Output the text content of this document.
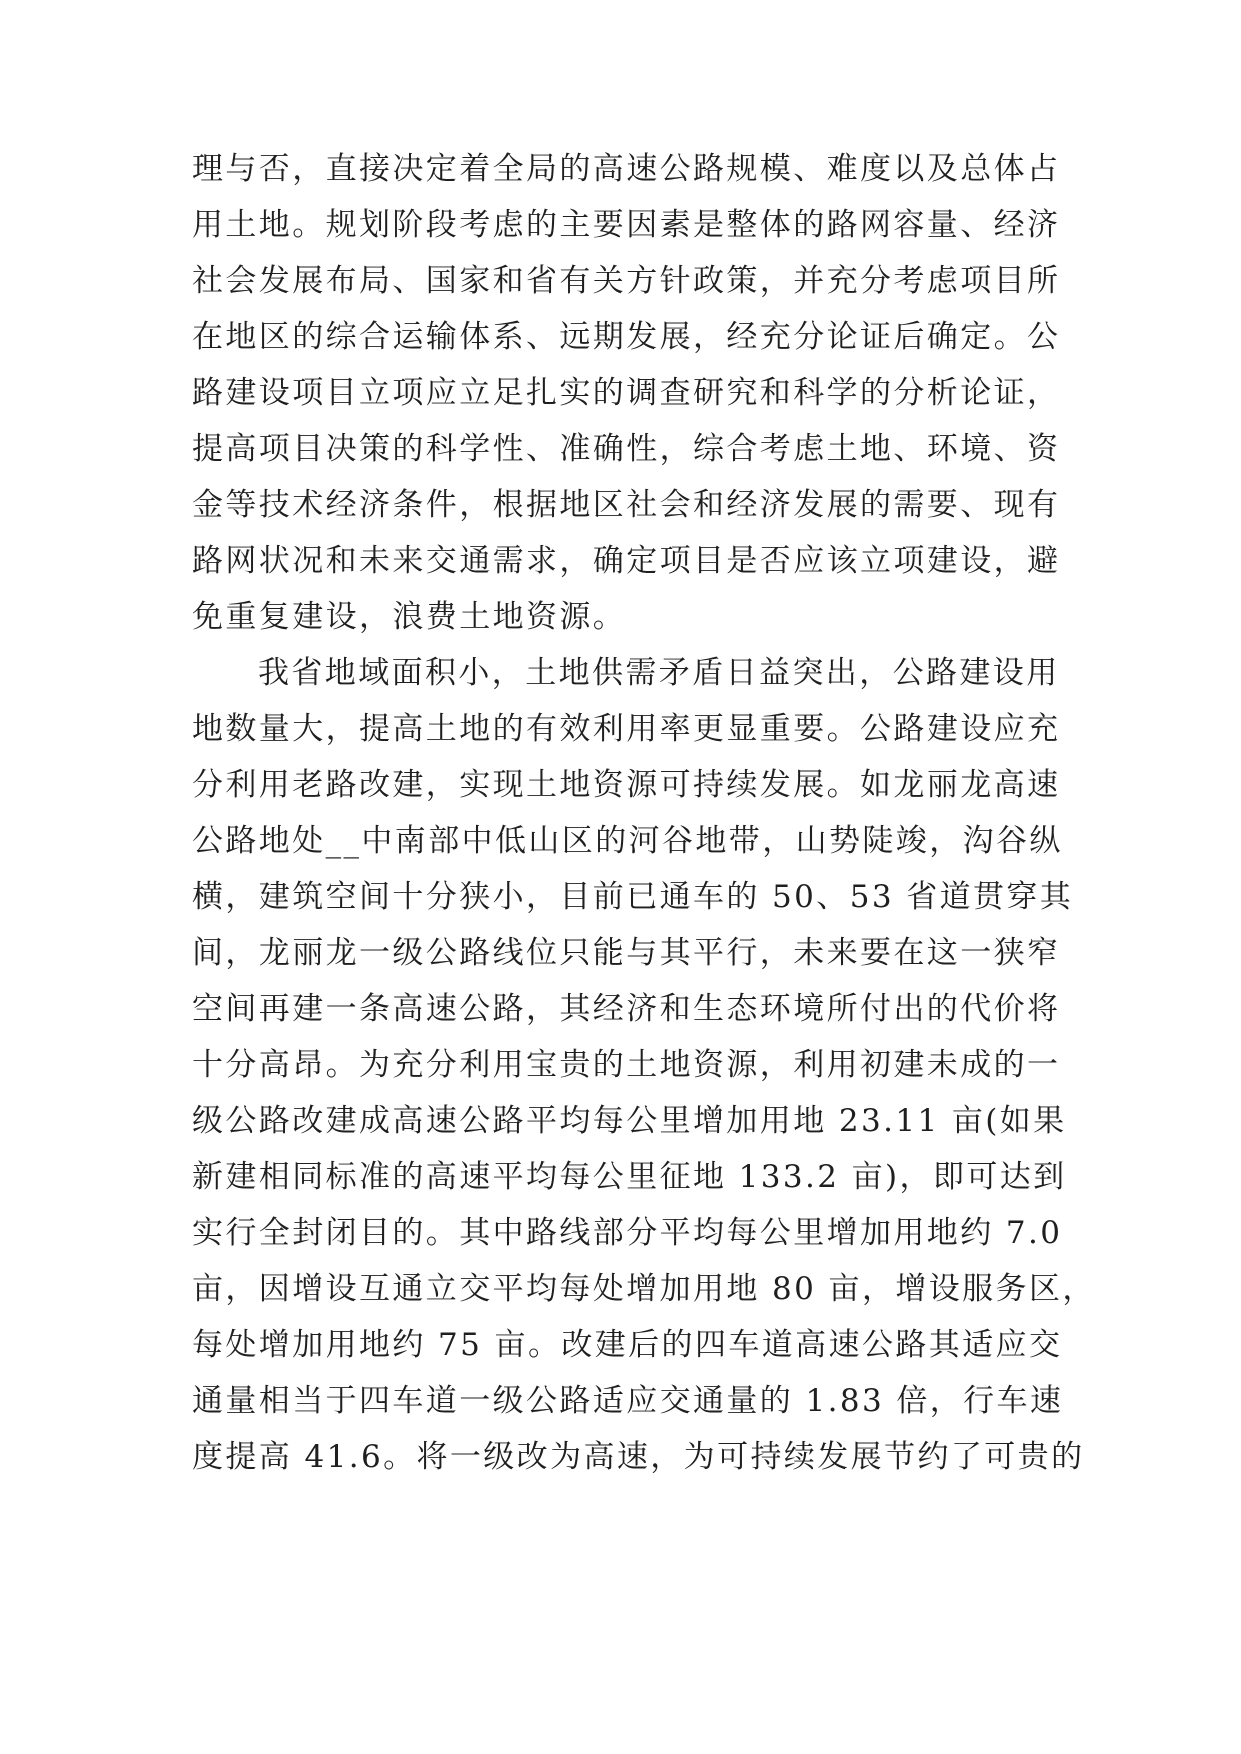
理与否，直接决定着全局的高速公路规模、难度以及总体占
用土地。规划阶段考虑的主要因素是整体的路网容量、经济
社会发展布局、国家和省有关方针政策，并充分考虑项目所
在地区的综合运输体系、远期发展，经充分论证后确定。公
路建设项目立项应立足扎实的调查研究和科学的分析论证，
提高项目决策的科学性、准确性，综合考虑土地、环境、资
金等技术经济条件，根据地区社会和经济发展的需要、现有
路网状况和未来交通需求，确定项目是否应该立项建设，避
免重复建设，浪费土地资源。
我省地域面积小，土地供需矛盾日益突出，公路建设用
地数量大，提高土地的有效利用率更显重要。公路建设应充
分利用老路改建，实现土地资源可持续发展。如龙丽龙高速
公路地处__中南部中低山区的河谷地带，山势陡竣，沟谷纵
横，建筑空间十分狭小，目前已通车的 50、53 省道贯穿其
间，龙丽龙一级公路线位只能与其平行，未来要在这一狭窄
空间再建一条高速公路，其经济和生态环境所付出的代价将
十分高昂。为充分利用宝贵的土地资源，利用初建未成的一
级公路改建成高速公路平均每公里增加用地 23.11 亩(如果
新建相同标准的高速平均每公里征地 133.2 亩)，即可达到
实行全封闭目的。其中路线部分平均每公里增加用地约 7.0
亩，因增设互通立交平均每处增加用地 80 亩，增设服务区，
每处增加用地约 75 亩。改建后的四车道高速公路其适应交
通量相当于四车道一级公路适应交通量的 1.83 倍，行车速
度提高 41.6。将一级改为高速，为可持续发展节约了可贵的
